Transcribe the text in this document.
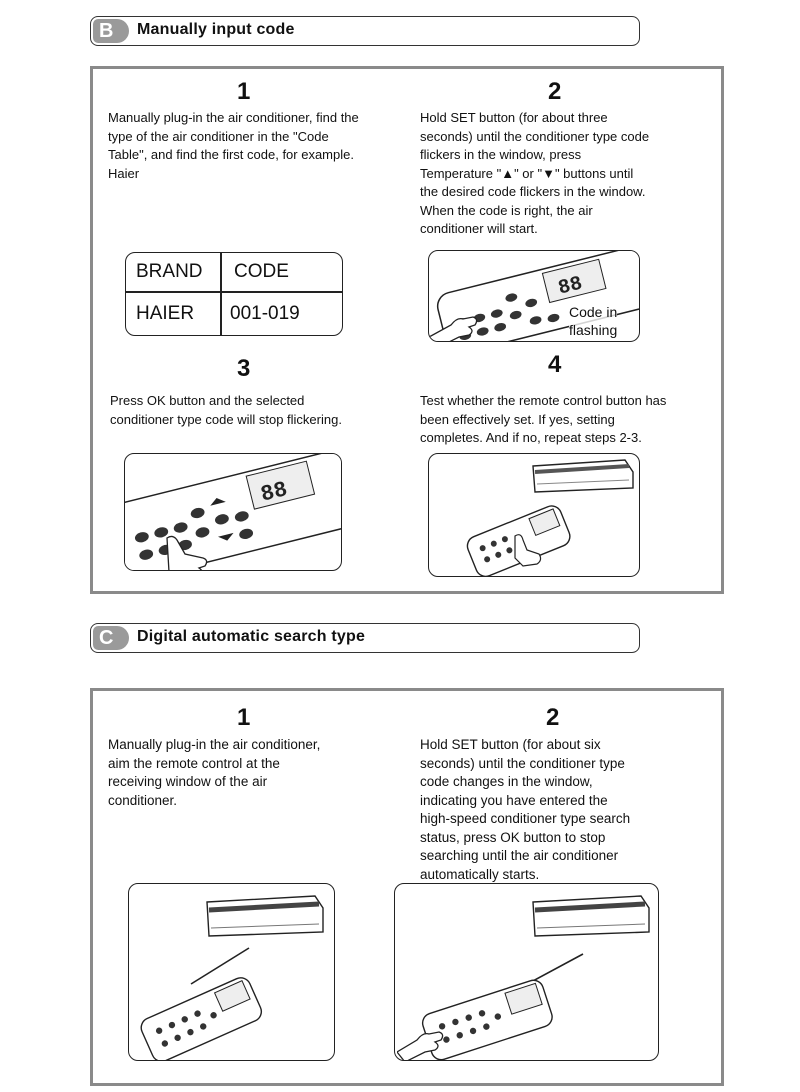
B	Manually input code
1
Manually plug-in the air conditioner, find the
type of the air conditioner in the "Code
Table", and find the first code, for example.
Haier
BRAND CODE
HAIER 001-019
2
Hold SET button (for about three
seconds) until the conditioner type code
flickers in the window, press
Temperature "▲" or "▼" buttons until
the desired code flickers in the window.
When the code is right, the air
conditioner will start.
88
Code in
flashing
3
Press OK button and the selected
conditioner type code will stop flickering.
88
4
Test whether the remote control button has
been effectively set. If yes, setting
completes. And if no, repeat steps 2-3.
C	Digital automatic search type
1
Manually plug-in the air conditioner,
aim the remote control at the
receiving window of the air
conditioner.
2
Hold SET button (for about six
seconds) until the conditioner type
code changes in the window,
indicating you have entered the
high-speed conditioner type search
status, press OK button to stop
searching until the air conditioner
automatically starts.
